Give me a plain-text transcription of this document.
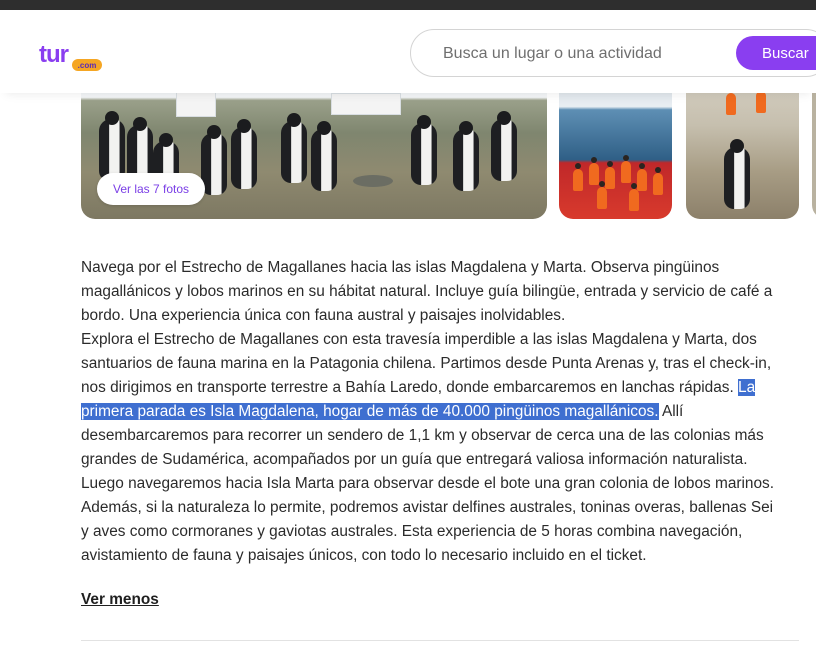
tur .com
Busca un lugar o una actividad
Buscar
Ver las 7 fotos

Navega por el Estrecho de Magallanes hacia las islas Magdalena y Marta. Observa pingüinos magallánicos y lobos marinos en su hábitat natural. Incluye guía bilingüe, entrada y servicio de café a bordo. Una experiencia única con fauna austral y paisajes inolvidables.

Explora el Estrecho de Magallanes con esta travesía imperdible a las islas Magdalena y Marta, dos santuarios de fauna marina en la Patagonia chilena. Partimos desde Punta Arenas y, tras el check-in, nos dirigimos en transporte terrestre a Bahía Laredo, donde embarcaremos en lanchas rápidas. La primera parada es Isla Magdalena, hogar de más de 40.000 pingüinos magallánicos. Allí desembarcaremos para recorrer un sendero de 1,1 km y observar de cerca una de las colonias más grandes de Sudamérica, acompañados por un guía que entregará valiosa información naturalista. Luego navegaremos hacia Isla Marta para observar desde el bote una gran colonia de lobos marinos. Además, si la naturaleza lo permite, podremos avistar delfines australes, toninas overas, ballenas Sei y aves como cormoranes y gaviotas australes. Esta experiencia de 5 horas combina navegación, avistamiento de fauna y paisajes únicos, con todo lo necesario incluido en el ticket.

Ver menos
